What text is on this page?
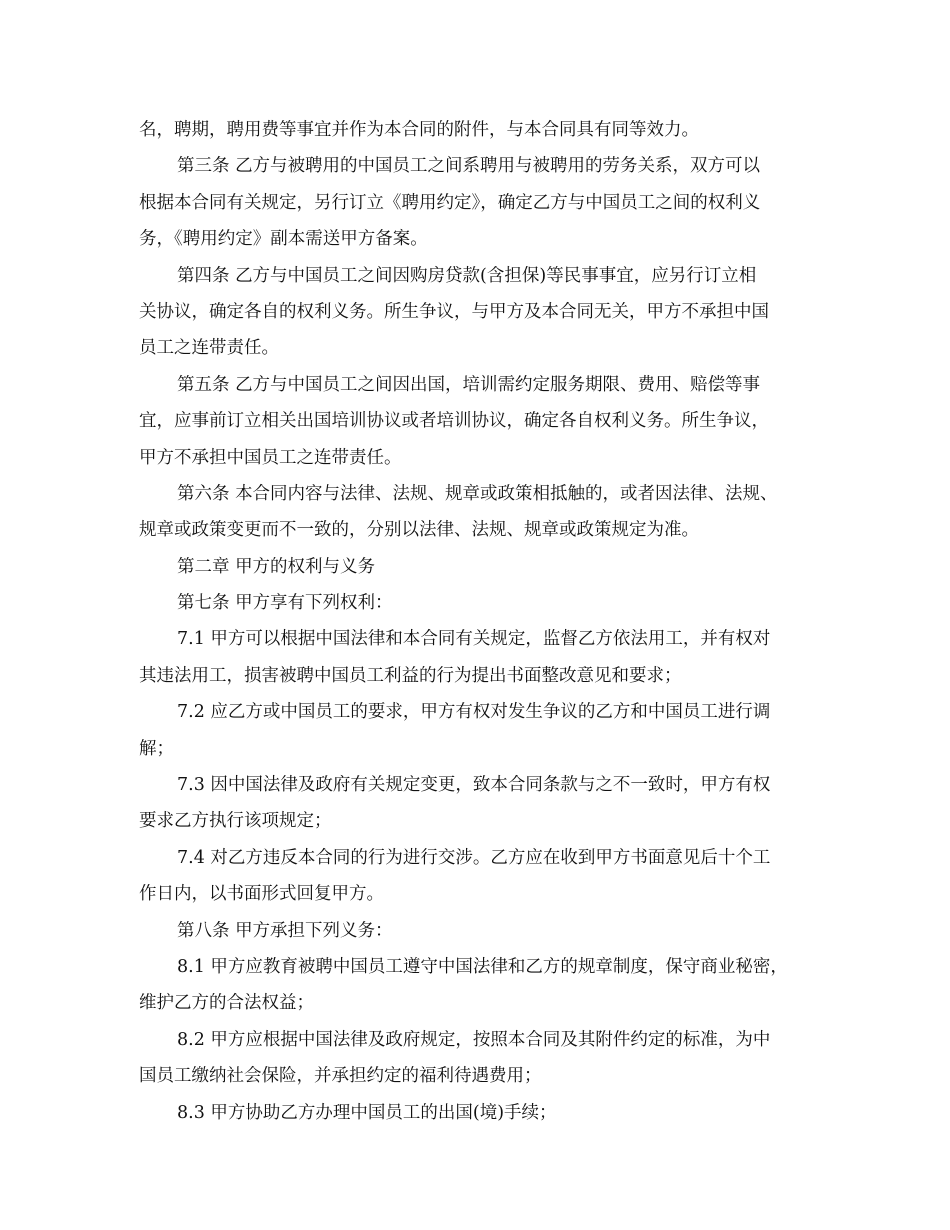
名，聘期，聘用费等事宜并作为本合同的附件，与本合同具有同等效力。
第三条 乙方与被聘用的中国员工之间系聘用与被聘用的劳务关系，双方可以
根据本合同有关规定，另行订立《聘用约定》，确定乙方与中国员工之间的权利义
务，《聘用约定》副本需送甲方备案。
第四条 乙方与中国员工之间因购房贷款(含担保)等民事事宜，应另行订立相
关协议，确定各自的权利义务。所生争议，与甲方及本合同无关，甲方不承担中国
员工之连带责任。
第五条 乙方与中国员工之间因出国，培训需约定服务期限、费用、赔偿等事
宜，应事前订立相关出国培训协议或者培训协议，确定各自权利义务。所生争议，
甲方不承担中国员工之连带责任。
第六条 本合同内容与法律、法规、规章或政策相抵触的，或者因法律、法规、
规章或政策变更而不一致的，分别以法律、法规、规章或政策规定为准。
第二章 甲方的权利与义务
第七条 甲方享有下列权利：
7.1 甲方可以根据中国法律和本合同有关规定，监督乙方依法用工，并有权对
其违法用工，损害被聘中国员工利益的行为提出书面整改意见和要求；
7.2 应乙方或中国员工的要求，甲方有权对发生争议的乙方和中国员工进行调
解；
7.3 因中国法律及政府有关规定变更，致本合同条款与之不一致时，甲方有权
要求乙方执行该项规定；
7.4 对乙方违反本合同的行为进行交涉。乙方应在收到甲方书面意见后十个工
作日内，以书面形式回复甲方。
第八条 甲方承担下列义务：
8.1 甲方应教育被聘中国员工遵守中国法律和乙方的规章制度，保守商业秘密，
维护乙方的合法权益；
8.2 甲方应根据中国法律及政府规定，按照本合同及其附件约定的标准，为中
国员工缴纳社会保险，并承担约定的福利待遇费用；
8.3 甲方协助乙方办理中国员工的出国(境)手续；
